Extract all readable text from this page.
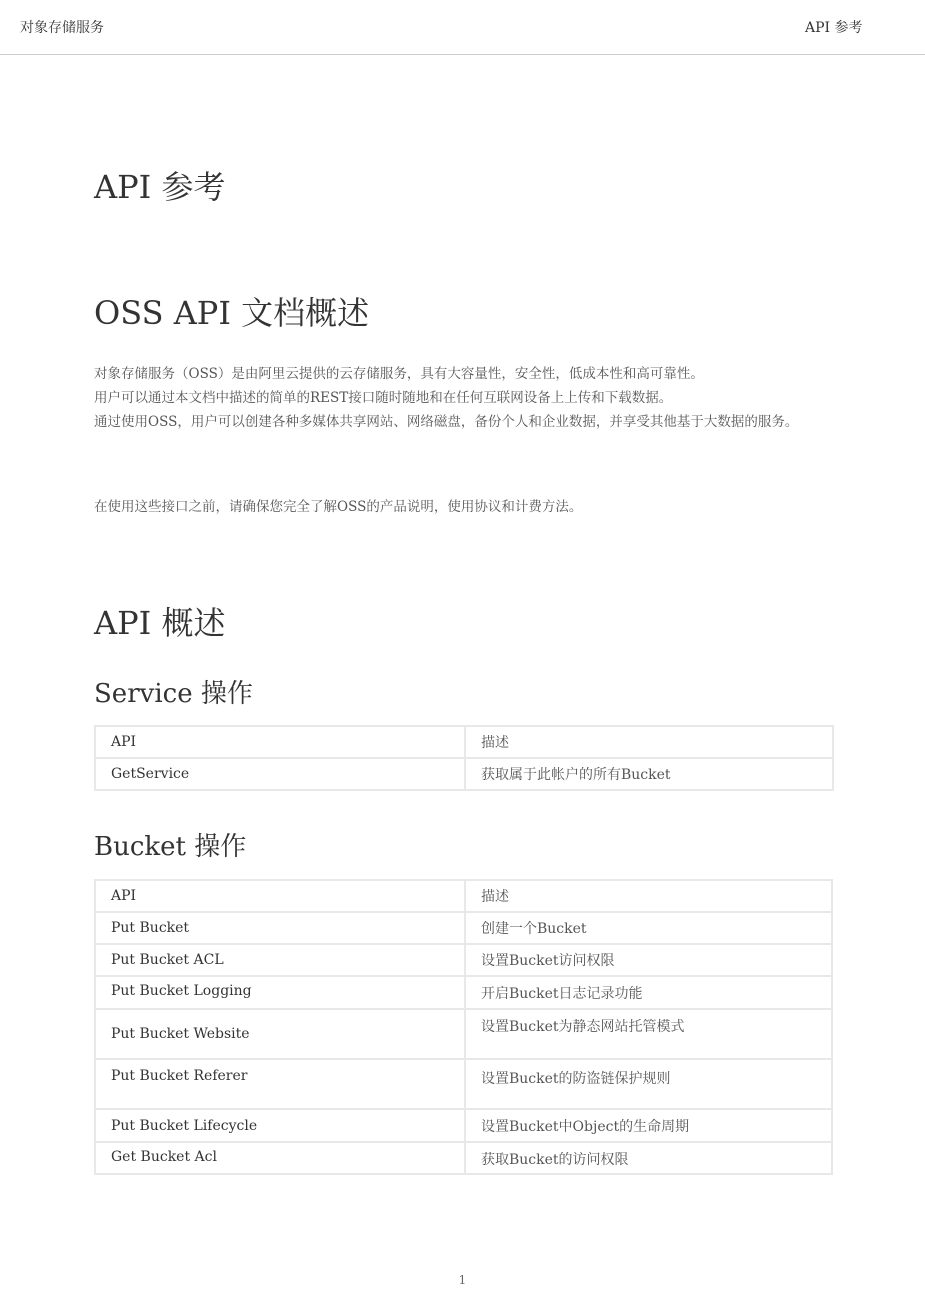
对象存储服务	API 参考
API 参考
OSS API 文档概述
对象存储服务（OSS）是由阿里云提供的云存储服务，具有大容量性，安全性，低成本性和高可靠性。
用户可以通过本文档中描述的简单的REST接口随时随地和在任何互联网设备上上传和下载数据。
通过使用OSS，用户可以创建各种多媒体共享网站、网络磁盘，备份个人和企业数据，并享受其他基于大数据的服务。
在使用这些接口之前，请确保您完全了解OSS的产品说明，使用协议和计费方法。
API 概述
Service 操作
API	描述
GetService	获取属于此帐户的所有Bucket
Bucket 操作
API	描述
Put Bucket	创建一个Bucket
Put Bucket ACL	设置Bucket访问权限
Put Bucket Logging	开启Bucket日志记录功能
Put Bucket Website	设置Bucket为静态网站托管模式
Put Bucket Referer	设置Bucket的防盗链保护规则
Put Bucket Lifecycle	设置Bucket中Object的生命周期
Get Bucket Acl	获取Bucket的访问权限
1
